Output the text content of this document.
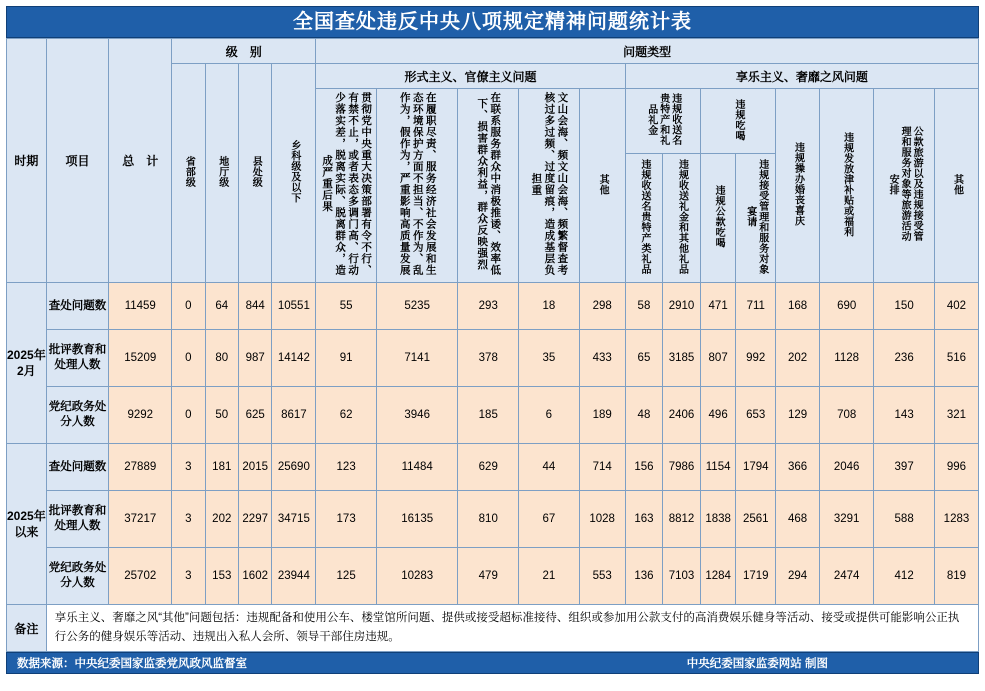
全国查处违反中央八项规定精神问题统计表
时期	项目	总　计	级　别				问题类型												
			省部级	地厅级	县处级	乡科级及以下	形式主义、官僚主义问题					享乐主义、奢靡之风问题							
							贯彻党中央重大决策部署有令不行、有禁不止，或者表态多调门高、行动少落实差，脱离实际、脱离群众，造成严重后果	在履职尽责、服务经济社会发展和生态环境保护方面不担当、不作为、乱作为，假作为，严重影响高质量发展	在联系服务群众中消极推诿、效率低下、损害群众利益，群众反映强烈	文山会海、频文山会海、频繁督查考核过多过频、过度留痕，造成基层负担重	其他	违规收送名贵特产和礼品礼金		违规吃喝		违规操办婚丧喜庆	违规发放津补贴或福利	公款旅游以及违规接受管理和服务对象等旅游活动安排	其他
												违规收送名贵特产类礼品	违规收送礼金和其他礼品	违规公款吃喝	违规接受管理和服务对象宴请				
2025年2月	查处问题数	11459	0	64	844	10551	55	5235	293	18	298	58	2910	471	711	168	690	150	402
	批评教育和处理人数	15209	0	80	987	14142	91	7141	378	35	433	65	3185	807	992	202	1128	236	516
	党纪政务处分人数	9292	0	50	625	8617	62	3946	185	6	189	48	2406	496	653	129	708	143	321
2025年以来	查处问题数	27889	3	181	2015	25690	123	11484	629	44	714	156	7986	1154	1794	366	2046	397	996
	批评教育和处理人数	37217	3	202	2297	34715	173	16135	810	67	1028	163	8812	1838	2561	468	3291	588	1283
	党纪政务处分人数	25702	3	153	1602	23944	125	10283	479	21	553	136	7103	1284	1719	294	2474	412	819
备注	享乐主义、奢靡之风“其他”问题包括：违规配备和使用公车、楼堂馆所问题、提供或接受超标准接待、组织或参加用公款支付的高消费娱乐健身等活动、接受或提供可能影响公正执行公务的健身娱乐等活动、违规出入私人会所、领导干部住房违规。																		
数据来源：中央纪委国家监委党风政风监督室	中央纪委国家监委网站 制图
